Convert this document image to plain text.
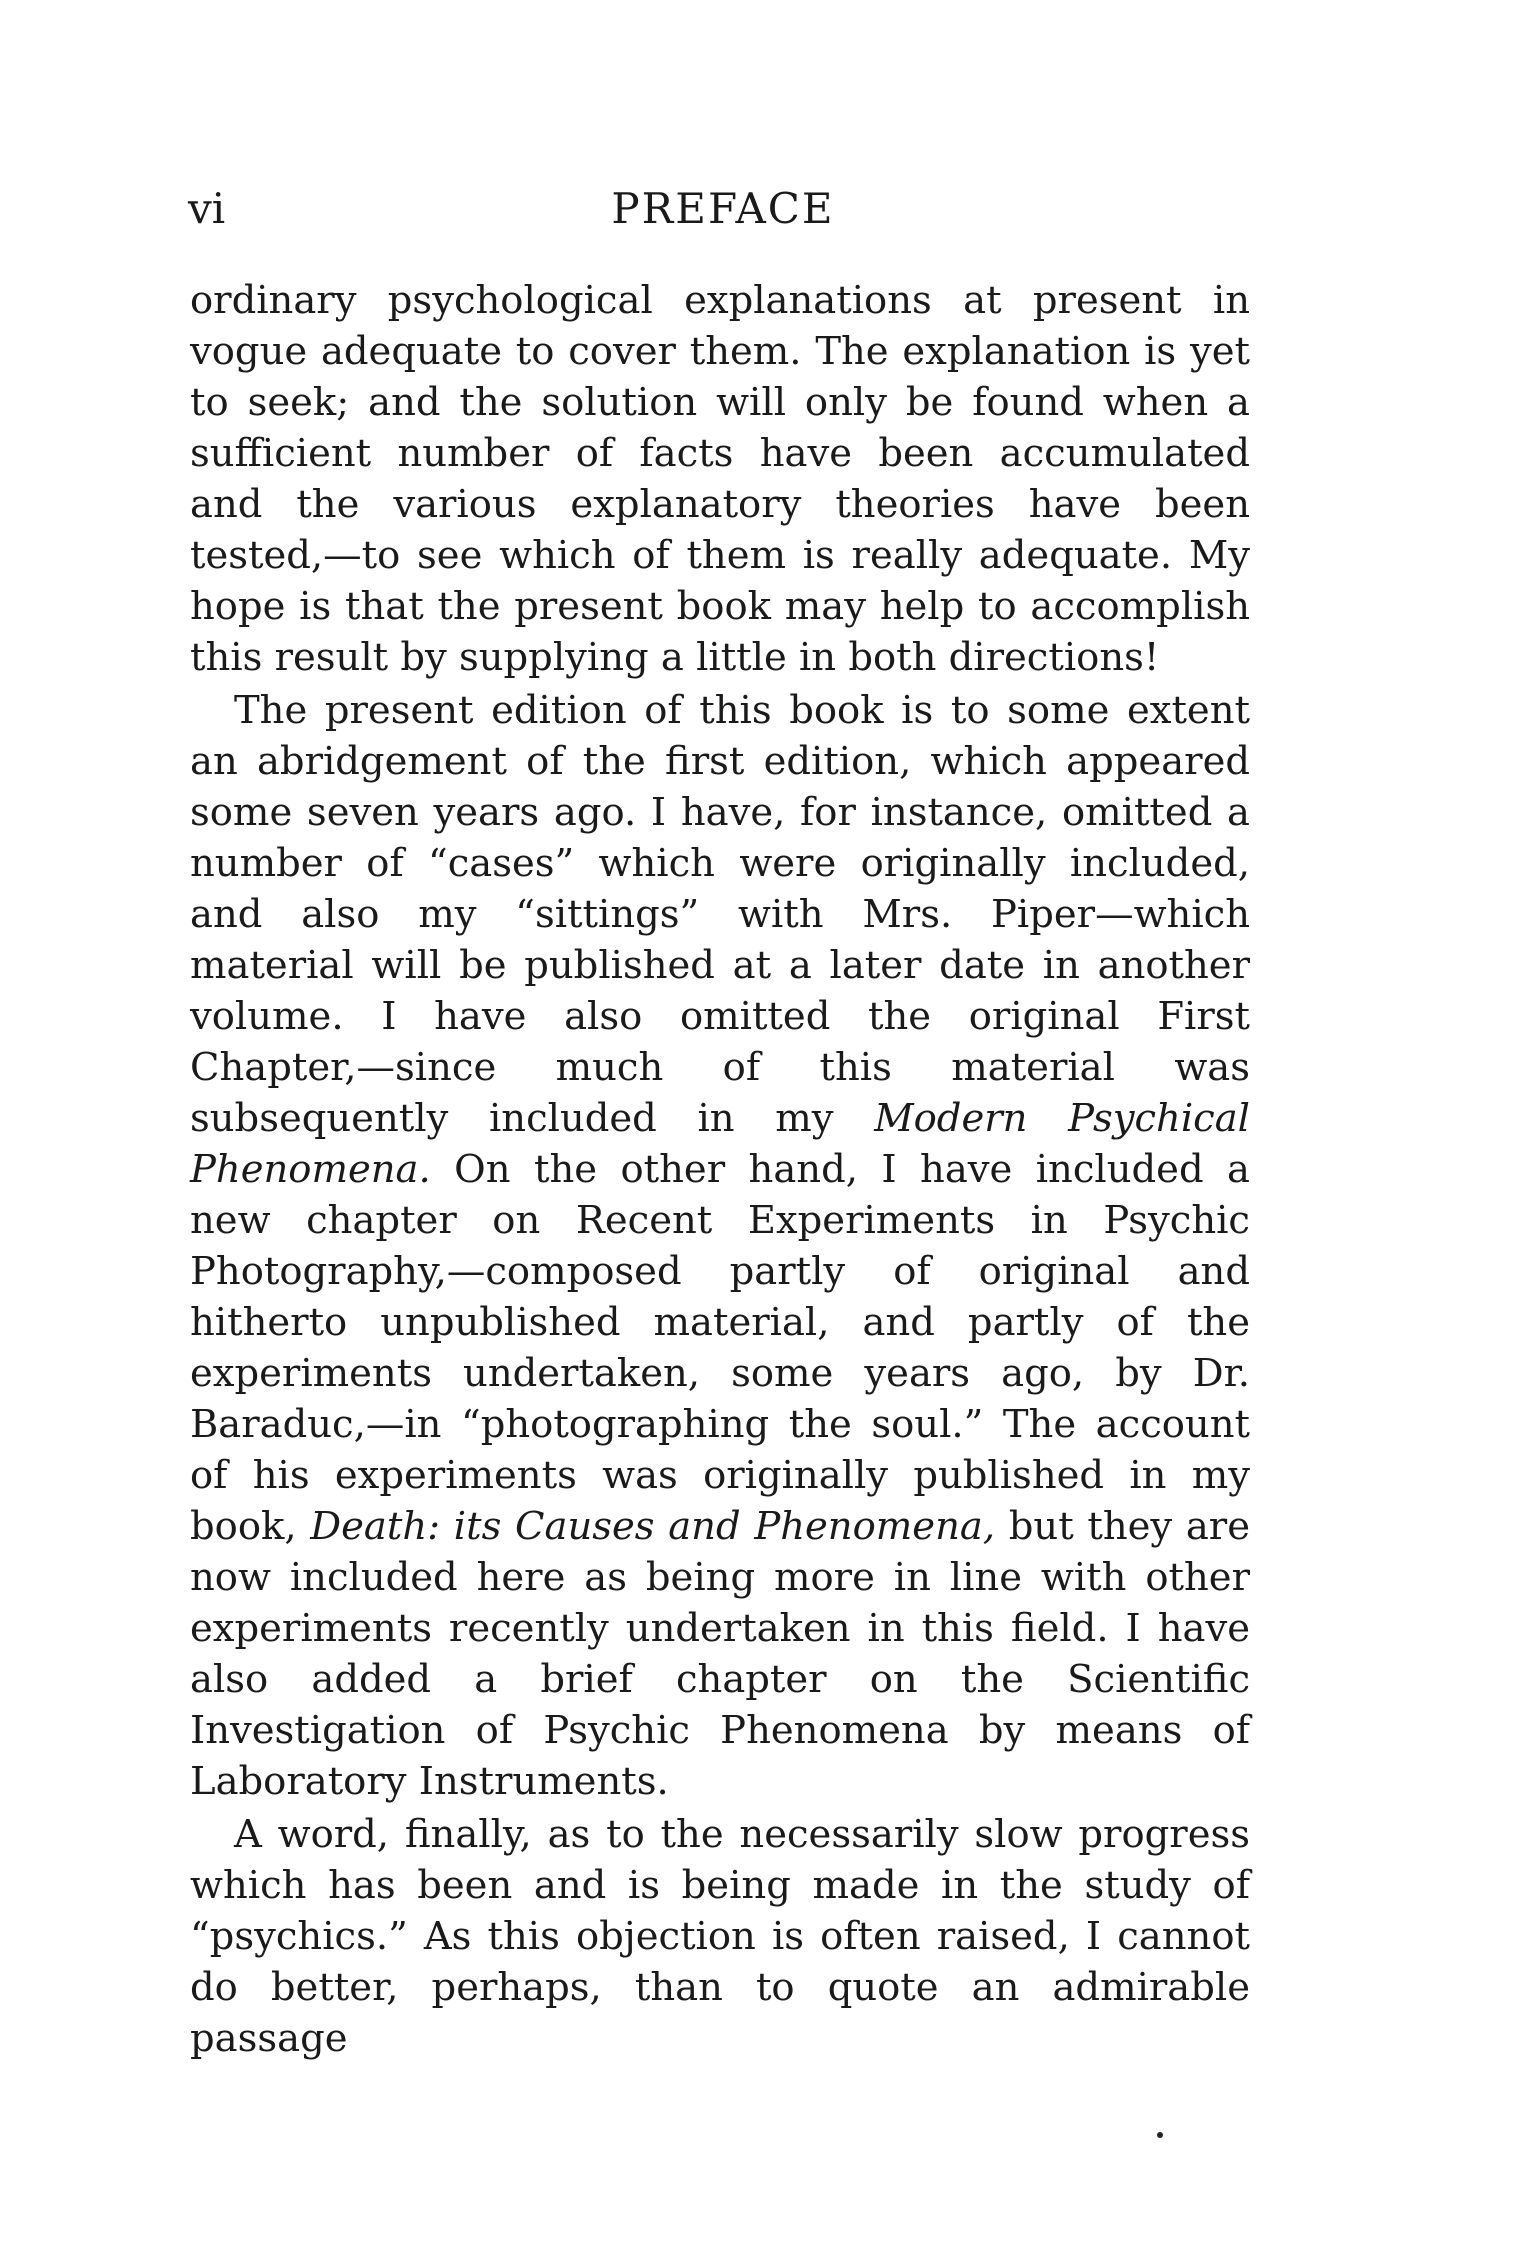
vi	PREFACE

ordinary psychological explanations at present in vogue adequate to cover them. The explanation is yet to seek; and the solution will only be found when a sufficient number of facts have been accumulated and the various explanatory theories have been tested,—to see which of them is really adequate. My hope is that the present book may help to accomplish this result by supplying a little in both directions!

The present edition of this book is to some extent an abridgement of the first edition, which appeared some seven years ago. I have, for instance, omitted a number of “cases” which were originally included, and also my “sittings” with Mrs. Piper—which material will be published at a later date in another volume. I have also omitted the original First Chapter,—since much of this material was subsequently included in my Modern Psychical Phenomena. On the other hand, I have included a new chapter on Recent Experiments in Psychic Photography,—composed partly of original and hitherto unpublished material, and partly of the experiments undertaken, some years ago, by Dr. Baraduc,—in “photographing the soul.” The account of his experiments was originally published in my book, Death: its Causes and Phenomena, but they are now included here as being more in line with other experiments recently undertaken in this field. I have also added a brief chapter on the Scientific Investigation of Psychic Phenomena by means of Laboratory Instruments.

A word, finally, as to the necessarily slow progress which has been and is being made in the study of “psychics.” As this objection is often raised, I cannot do better, perhaps, than to quote an admirable passage
